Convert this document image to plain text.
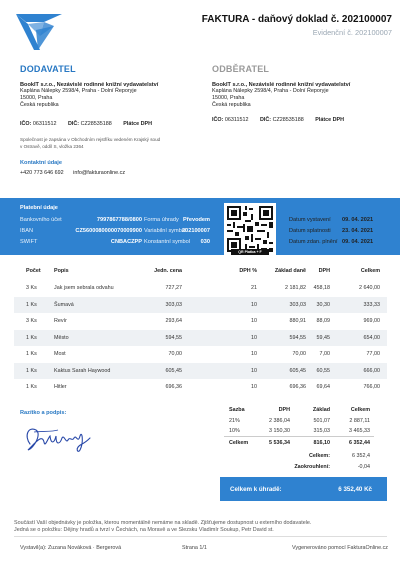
FAKTURA - daňový doklad č. 202100007
Evidenční č. 202100007
DODAVATEL
BookIT s.r.o., Nezávislé rodinné knižní vydavatelství
Kaplána Nálepky 2598/4, Praha - Dolní Řeporyje
15000, Praha
Česká republika
IČO: 06311512 DIČ: CZ28535188 Plátce DPH
Společnost je zapsána v Obchodním rejstříku vedeném Krajský soud
v Ostravě, oddíl S, vložka 2364
Kontaktní údaje
+420 773 646 692 info@fakturaonline.cz
ODBĚRATEL
BookIT s.r.o., Nezávislé rodinné knižní vydavatelství
Kaplána Nálepky 2598/4, Praha - Dolní Řeporyje
15000, Praha
Česká republika
IČO: 06311512 DIČ: CZ28535188 Plátce DPH
Platební údaje
Bankovního účet	7997867788/0800
IBAN	CZ5600080000070009900
SWIFT	CNBACZPP
Forma úhrady Převodem
Variabilní symbol
202100007
Konstantní symbol	030
QR Platba + F
Datum vystavení 09. 04. 2021
Datum splatnosti 23. 04. 2021
Datum zdan. plnění 09. 04. 2021
Počet Popis	Jedn. cena	DPH %	Základ daně	DPH	Celkem
3 Ks	Jak jsem sebrala odvahu	727,27	21	2 181,82	458,18	2 640,00
1 Ks	Šumavá	303,03	10	303,03	30,30	333,33
3 Ks	Revír	293,64	10	880,91	88,09	969,00
1 Ks	Město	594,55	10	594,55	59,45	654,00
1 Ks	Most	70,00	10	70,00	7,00	77,00
1 Ks	Kaktus Sarah Haywood	605,45	10	605,45	60,55	666,00
1 Ks	Hitler	696,36	10	696,36	69,64	766,00
Razítko a podpis:	Sazba	DPH	Základ	Celkem
21%	2 386,04	501,07	2 887,11
10%	3 150,30	315,03	3 465,33
Celkem	5 536,34	816,10	6 352,44
Celkem:	6 352,4
Zaokrouhlení:	-0,04
Celkem k úhradě:	6 352,40 Kč
Součástí Vaší objednávky je položka, kterou momentálně nemáme na skladě. Zjišťujeme dostupnost u externího dodavatele.
Jedná se o položku: Dějiny hradů a tvrzí v Čechách, na Moravě a ve Slezsku Vladimír Soukup, Petr David st.
Vystavil(a): Zuzana Nováková · Bergerová	Strana 1/1	Vygenerováno pomocí FakturaOnline.cz
